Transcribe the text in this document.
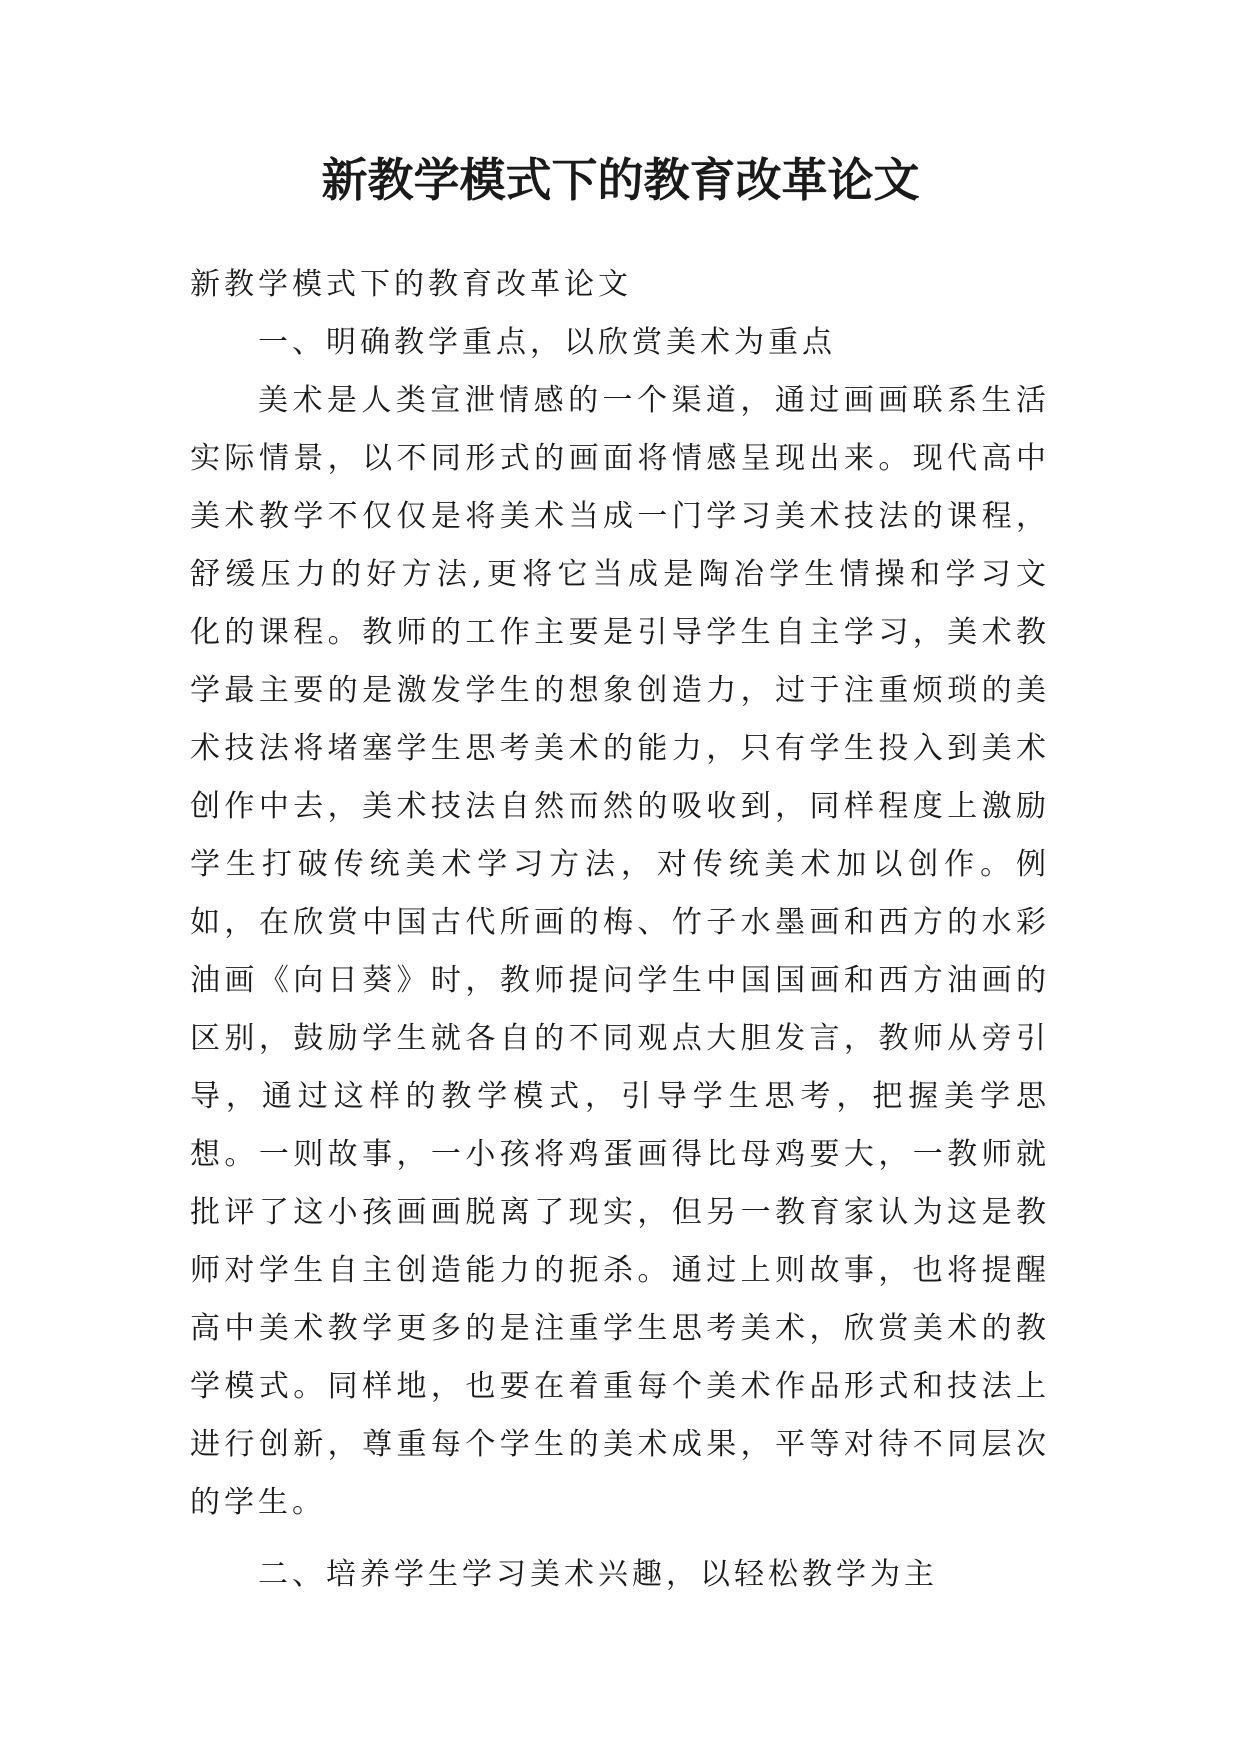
新教学模式下的教育改革论文

新教学模式下的教育改革论文

一、明确教学重点，以欣赏美术为重点

美术是人类宣泄情感的一个渠道，通过画画联系生活实际情景，以不同形式的画面将情感呈现出来。现代高中美术教学不仅仅是将美术当成一门学习美术技法的课程，舒缓压力的好方法,更将它当成是陶冶学生情操和学习文化的课程。教师的工作主要是引导学生自主学习，美术教学最主要的是激发学生的想象创造力，过于注重烦琐的美术技法将堵塞学生思考美术的能力，只有学生投入到美术创作中去，美术技法自然而然的吸收到，同样程度上激励学生打破传统美术学习方法，对传统美术加以创作。例如，在欣赏中国古代所画的梅、竹子水墨画和西方的水彩油画《向日葵》时，教师提问学生中国国画和西方油画的区别，鼓励学生就各自的不同观点大胆发言，教师从旁引导，通过这样的教学模式，引导学生思考，把握美学思想。一则故事，一小孩将鸡蛋画得比母鸡要大，一教师就批评了这小孩画画脱离了现实，但另一教育家认为这是教师对学生自主创造能力的扼杀。通过上则故事，也将提醒高中美术教学更多的是注重学生思考美术，欣赏美术的教学模式。同样地，也要在着重每个美术作品形式和技法上进行创新，尊重每个学生的美术成果，平等对待不同层次的学生。

二、培养学生学习美术兴趣，以轻松教学为主
